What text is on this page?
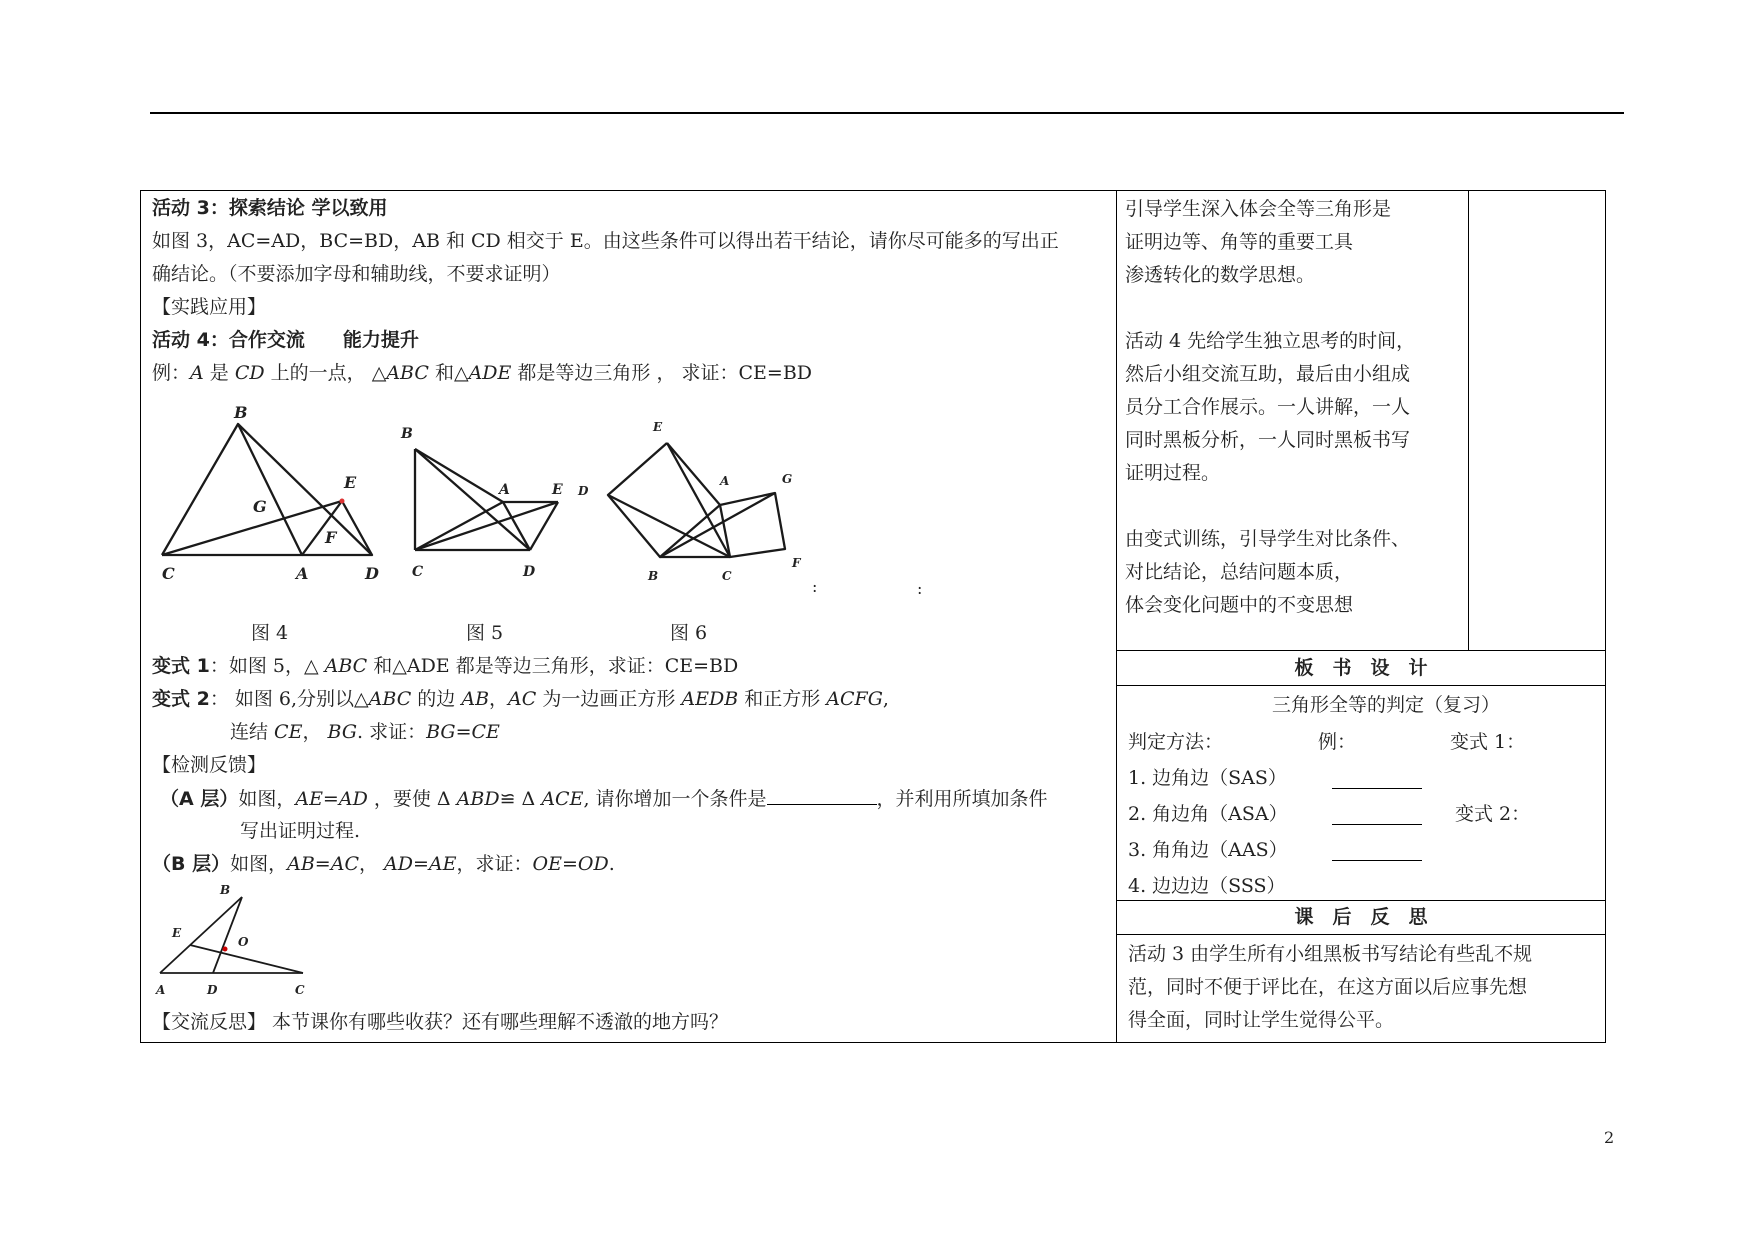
活动 3：探索结论 学以致用
如图 3，AC=AD，BC=BD，AB 和 CD 相交于 E。由这些条件可以得出若干结论，请你尽可能多的写出正
确结论。（不要添加字母和辅助线，不要求证明）
【实践应用】
活动 4：合作交流　　能力提升
例：A 是 CD 上的一点， △ABC 和△ADE 都是等边三角形 ， 求证：CE=BD
B
E
G
F
C	A	D
B
A	E
C	D
E
A	G
D
B	C
F
:	:
图 4	图 5	图 6
变式 1：如图 5，△ ABC 和△ADE 都是等边三角形，求证：CE=BD
变式 2： 如图 6,分别以△ABC 的边 AB，AC 为一边画正方形 AEDB 和正方形 ACFG,
连结 CE， BG. 求证：BG=CE
【检测反馈】
（A 层）如图，AE=AD ，要使 Δ ABD≌ Δ ACE, 请你增加一个条件是	，并利用所填加条件
写出证明过程.
（B 层）如图，AB=AC， AD=AE，求证：OE=OD.
B
E
O
A	D	C
【交流反思】 本节课你有哪些收获？还有哪些理解不透澈的地方吗？
引导学生深入体会全等三角形是
证明边等、角等的重要工具
渗透转化的数学思想。
活动 4 先给学生独立思考的时间，
然后小组交流互助，最后由小组成
员分工合作展示。一人讲解，一人
同时黑板分析，一人同时黑板书写
证明过程。
由变式训练，引导学生对比条件、
对比结论，总结问题本质，
体会变化问题中的不变思想
板　书　设　计
三角形全等的判定（复习）
判定方法：	例：	变式 1：
1. 边角边（SAS）
2. 角边角（ASA）	变式 2：
3. 角角边（AAS）
4. 边边边（SSS）
课　后　反　思
活动 3 由学生所有小组黑板书写结论有些乱不规
范，同时不便于评比在，在这方面以后应事先想
得全面，同时让学生觉得公平。
2
